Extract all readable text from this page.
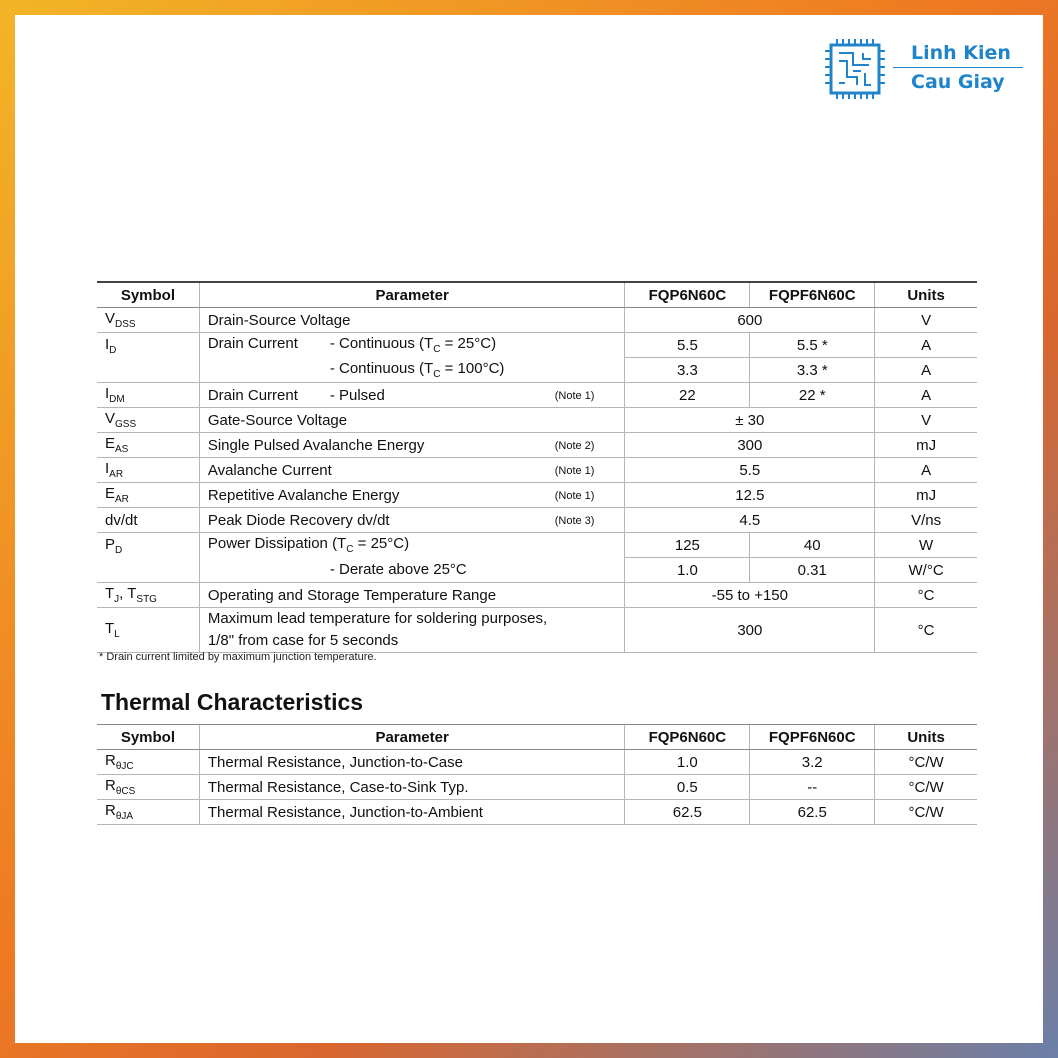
Linh Kien
Cau Giay
Symbol	Parameter	FQP6N60C	FQPF6N60C	Units
$V_{DSS}$	Drain-Source Voltage	600		V
$I_D$	Drain Current - Continuous $(T_C = 25^\circ C)$	5.5	5.5 *	A
	- Continuous $(T_C = 100^\circ C)$	3.3	3.3 *	A
$I_{DM}$	Drain Current - Pulsed (Note 1)	22	22 *	A
$V_{GSS}$	Gate-Source Voltage	± 30		V
$E_{AS}$	Single Pulsed Avalanche Energy (Note 2)	300		mJ
$I_{AR}$	Avalanche Current (Note 1)	5.5		A
$E_{AR}$	Repetitive Avalanche Energy (Note 1)	12.5		mJ
dv/dt	Peak Diode Recovery dv/dt (Note 3)	4.5		V/ns
$P_D$	Power Dissipation $(T_C = 25^\circ C)$	125	40	W
	- Derate above 25°C	1.0	0.31	W/°C
$T_J$, $T_{STG}$	Operating and Storage Temperature Range	-55 to +150		°C
$T_L$	Maximum lead temperature for soldering purposes,
1/8" from case for 5 seconds	300		°C
* Drain current limited by maximum junction temperature.
Thermal Characteristics
Symbol	Parameter	FQP6N60C	FQPF6N60C	Units
$R_{\theta JC}$	Thermal Resistance, Junction-to-Case	1.0	3.2	°C/W
$R_{\theta CS}$	Thermal Resistance, Case-to-Sink Typ.	0.5	--	°C/W
$R_{\theta JA}$	Thermal Resistance, Junction-to-Ambient	62.5	62.5	°C/W
